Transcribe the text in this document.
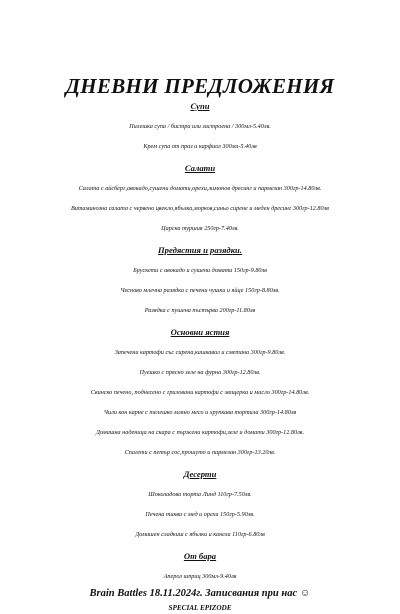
ДНЕВНИ ПРЕДЛОЖЕНИЯ
Супи
Пилешка супа / бистра или застроена / 300мл-5.40лв.
Крем супа от праз и карфиол 300мл-5.40лв
Салати
Салата с айсберг,авокадо,сушени домати,орехи,лимонов дресинг и пармезан 300гр-14.80лв.
Витаминозна салата с червено цвекло,ябълка,морков,синьо сирене и меден дресинг 300гр-12.80лв
Царска туршия 250гр-7.40лв.
Предястия и разядки.
Брускети с авокадо и сушени домати 150гр-9.80лв
Чесново млечна разядка с печени чушки и яйце 150гр-8.80лв.
Разядка с пушена пъстърва 200гр-11.80лв
Основни ястия
Запечени картофи със сирена,кашкавал и сметана 300гр-9.80лв.
Пуешко с прясно зеле на фурна 300гр-12.80лв.
Свинско печено, поднесено с гриловани картофи с мащерка и масло 300гр-14.80лв.
Чили кон карне с телешко мляно месо и хрупкава тортила 300гр-14.80лв
Домашна наденица на скара с пържени картофи,зеле и домати 300гр-12.80лв.
Спагети с петър сос,прошуто и пармезан 300гр-13.20лв.
Десерти
Шоколадова торта Линд 110гр-7.50лв.
Печена тиква с мед и орехи 150гр-5.90лв.
Домашен сладкиш с ябълки и канела 110гр-6.80лв
От бара
Аперол шприц 300мл-9.40лв
Brain Battles 18.11.2024г. Записвания при нас ☺
SPECIAL EPIZODE
